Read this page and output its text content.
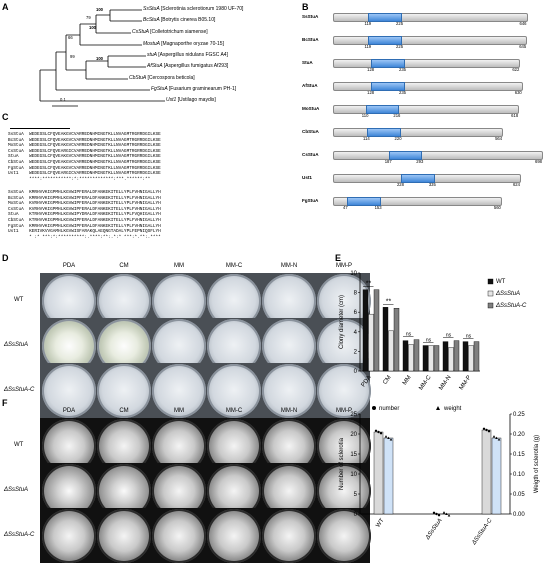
A	B
C
D	E
F
100
79
100
66
99	100
0.1
SsStuA [Sclerotinia sclerotiorum 1980 UF-70]
BcStuA [Botrytis cinerea B05.10]
CsStuA [Colletotrichum siamense]
MostuA [Magnaporthe oryzae 70-15]
stuA [Aspergillus nidulans FGSC A4]
AfStuA [Aspergillus fumigatus Af293]
CbStuA [Cercospora beticola]
FgStuA [Fusarium graminearum PH-1]
Ust1 [Ustilago maydis]
SsStuA
119	225	646
BcStuA
119	225	645
StuA
128	235	622
AfStuA
128	235	630
MoStuA
110	216	618
CbStuA
114	220	564
CsStuA
187	293	698
Ust1
228	335	624
FgStuA
47	153	560
SsStuA  WEDESSLCFQVEAKGVCVARREDNHMINGTKLLNVAGMTRGRRDGILKSE
BcStuA  WEDESSLCFQVEAKGVCVARREDNHMINGTKLLNVAGMTRGRRDGILKSE
MoStuA  WEDEGSLCFQVEAKGVCVARREDNHMINGTKLLNVAGMTRGRRDGILKSE
CsStuA  WEDEGSLCFQVEARGICVARREDNHMINGTKLLNVAGMTRGRRDGILKSE
StuA    WEDEGSLCFQVEAKGVCVARREDNHMINGTKLLNVAGMTRGRRDGILKSE
CbStuA  WEDEGSLCFQVEAKGVCVARREDNHMINGTKLLNVAGMTRGRRDGILKSE
FgStuA  WEDEGSLCFQVEAKGVCVARREDNHMINGTKLLNVAGMTRGRRDGILKSE
Ust1    WEDEGSLCFQVEARGICVARREDNHMINGTKLLNVAGMTRGRRDGILKSE
****:***********:*:*************:***.******:**
SsStuA  KMRHVVKIGPMHLKGVWIPFERALDFANKEKITELLYPLFVHNIGALLYH
BcStuA  KMRHVVKIGPMHLKGVWIPFERALDFANKEKITELLYPLFVHNIGALLYH
MoStuA  KVRHVVKIGPMHLKGVWIPFERALDFANKEKITELLYPLFVHNIGALLYH
CsStuA  KVRHVVKIGPMHLKGVWIPFERALDFANKEKITELLYPLFVHNIGALLYH
StuA    KTRHVVKIGPMHLKGVWIPYDRALDFANKEKITELLYPLFVQHIGALLYH
CbStuA  KTRHVVKIGPMHLKGVWIPFERALDFANKEKITELLYPLFVHNIGALLYH
FgStuA  KMRHVVKIGPMHLKGVWIPFERALDFANKEKITELLYPLFVHNIGALLYH
Ust1    KERIVKVVGAMHLKGVWISFARAKQLAEQNGTADALYPLFEPNIQSFLYH
* :* ***:*:**********:.****:**:.*:* ***:*.**:.****
PDA	CM	MM	MM-C	MM-N	MM-P
WT
ΔSsStuA
ΔSsStuA-C
0
2
4
6
8
10
Clony diameter (cm)
PDA
**
CM
**
MM
ns
MM-C
ns
MM-N
ns
MM-P
ns
WT
ΔSsStuA
ΔSsStuA-C
PDA	CM	MM	MM-C	MM-N	MM-P
WT
ΔSsStuA
ΔSsStuA-C
0
5
10
15
20
25
0.00
0.05
0.10
0.15
0.20
0.25
Number of sclerotia	Weigth of sclerotia (g)
number	weight
WT	ΔSsStuA	ΔSsStuA-C
